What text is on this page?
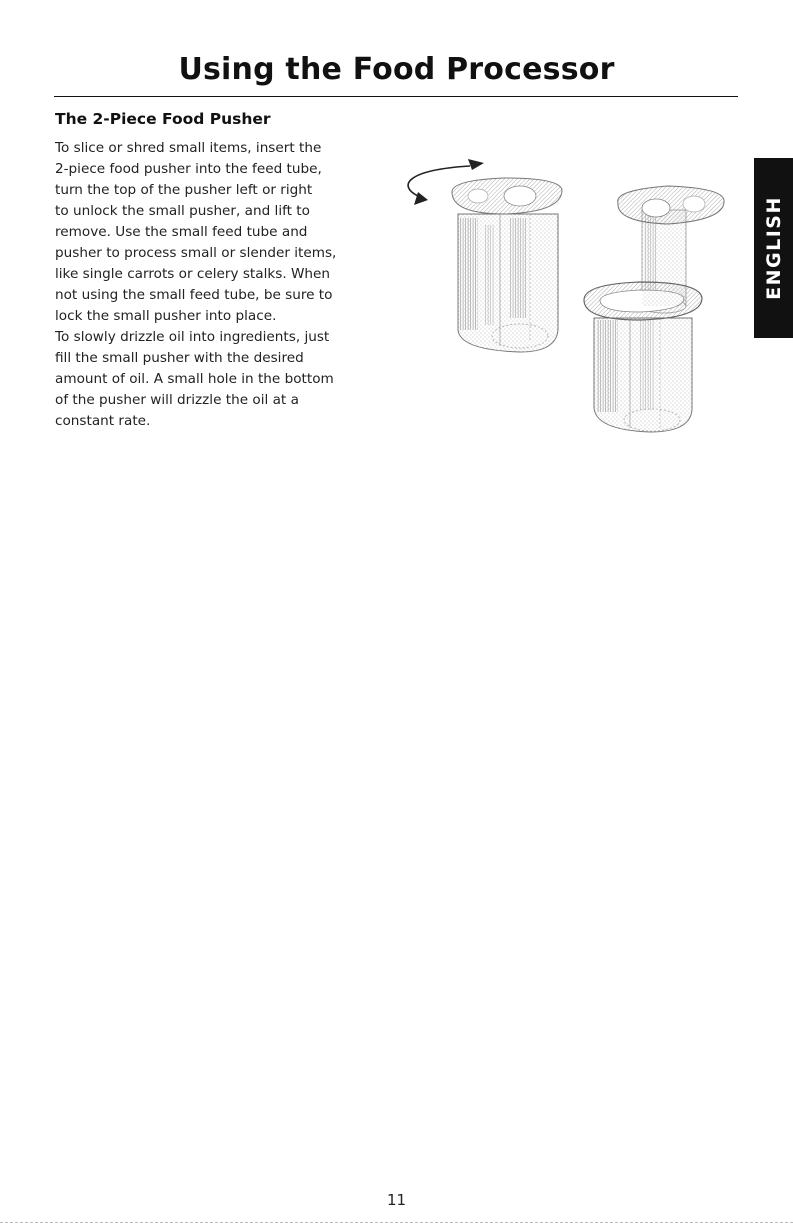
Using the Food Processor
The 2-Piece Food Pusher

To slice or shred small items, insert the

2-piece food pusher into the feed tube,

turn the top of the pusher left or right

to unlock the small pusher, and lift to

remove. Use the small feed tube and

pusher to process small or slender items,

like single carrots or celery stalks. When

not using the small feed tube, be sure to

lock the small pusher into place.

To slowly drizzle oil into ingredients, just

fill the small pusher with the desired

amount of oil. A small hole in the bottom

of the pusher will drizzle the oil at a

constant rate.

ENGLISH
11
